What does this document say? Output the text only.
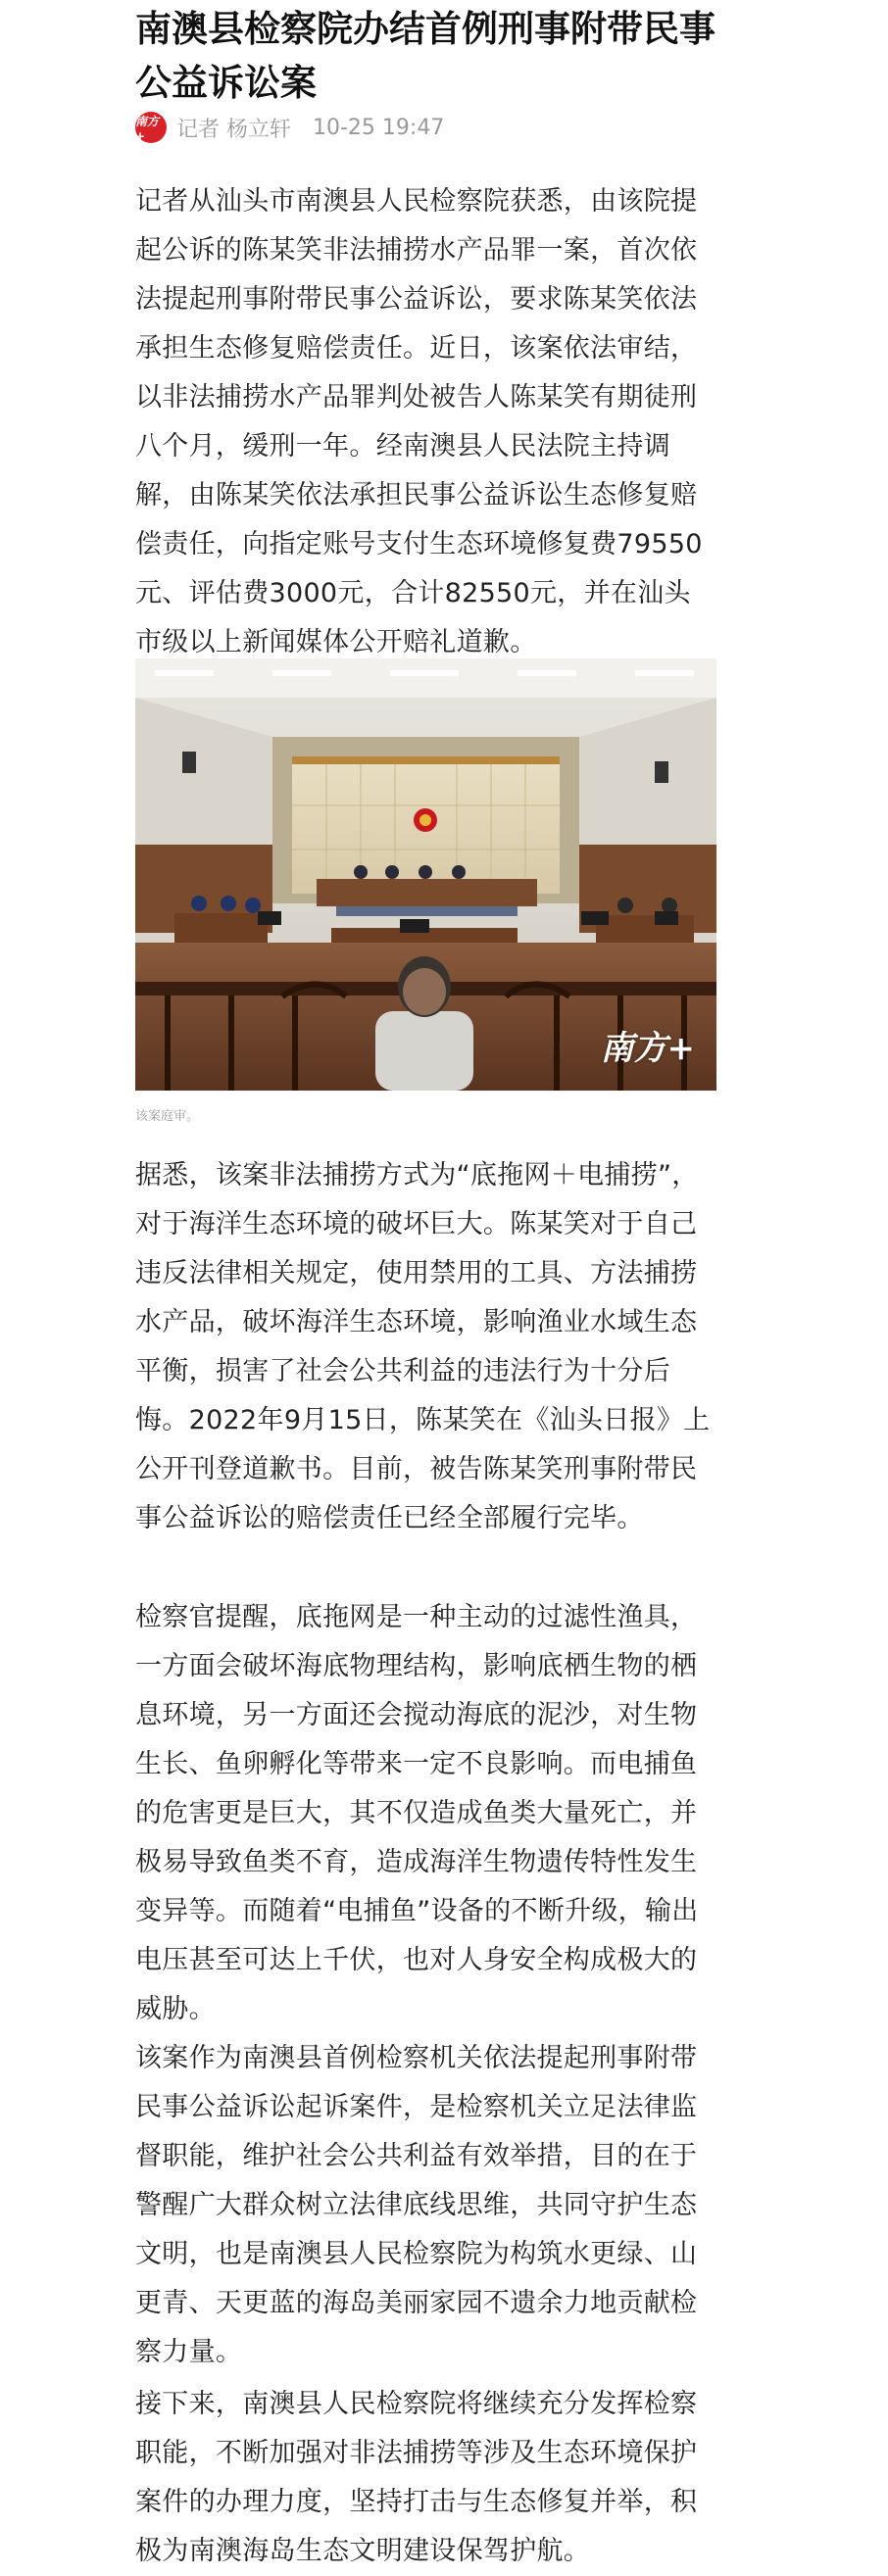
南澳县检察院办结首例刑事附带民事公益诉讼案
南方+	记者 杨立轩 10-25 19:47

记者从汕头市南澳县人民检察院获悉，由该院提起公诉的陈某笑非法捕捞水产品罪一案，首次依法提起刑事附带民事公益诉讼，要求陈某笑依法承担生态修复赔偿责任。近日，该案依法审结，以非法捕捞水产品罪判处被告人陈某笑有期徒刑八个月，缓刑一年。经南澳县人民法院主持调解，由陈某笑依法承担民事公益诉讼生态修复赔偿责任，向指定账号支付生态环境修复费79550元、评估费3000元，合计82550元，并在汕头市级以上新闻媒体公开赔礼道歉。

南方+
该案庭审。

据悉，该案非法捕捞方式为“底拖网＋电捕捞”，对于海洋生态环境的破坏巨大。陈某笑对于自己违反法律相关规定，使用禁用的工具、方法捕捞水产品，破坏海洋生态环境，影响渔业水域生态平衡，损害了社会公共利益的违法行为十分后悔。2022年9月15日，陈某笑在《汕头日报》上公开刊登道歉书。目前，被告陈某笑刑事附带民事公益诉讼的赔偿责任已经全部履行完毕。

检察官提醒，底拖网是一种主动的过滤性渔具，一方面会破坏海底物理结构，影响底栖生物的栖息环境，另一方面还会搅动海底的泥沙，对生物生长、鱼卵孵化等带来一定不良影响。而电捕鱼的危害更是巨大，其不仅造成鱼类大量死亡，并极易导致鱼类不育，造成海洋生物遗传特性发生变异等。而随着“电捕鱼”设备的不断升级，输出电压甚至可达上千伏，也对人身安全构成极大的威胁。

该案作为南澳县首例检察机关依法提起刑事附带民事公益诉讼起诉案件，是检察机关立足法律监督职能，维护社会公共利益有效举措，目的在于警醒广大群众树立法律底线思维，共同守护生态文明，也是南澳县人民检察院为构筑水更绿、山更青、天更蓝的海岛美丽家园不遗余力地贡献检察力量。

接下来，南澳县人民检察院将继续充分发挥检察职能，不断加强对非法捕捞等涉及生态环境保护案件的办理力度，坚持打击与生态修复并举，积极为南澳海岛生态文明建设保驾护航。
